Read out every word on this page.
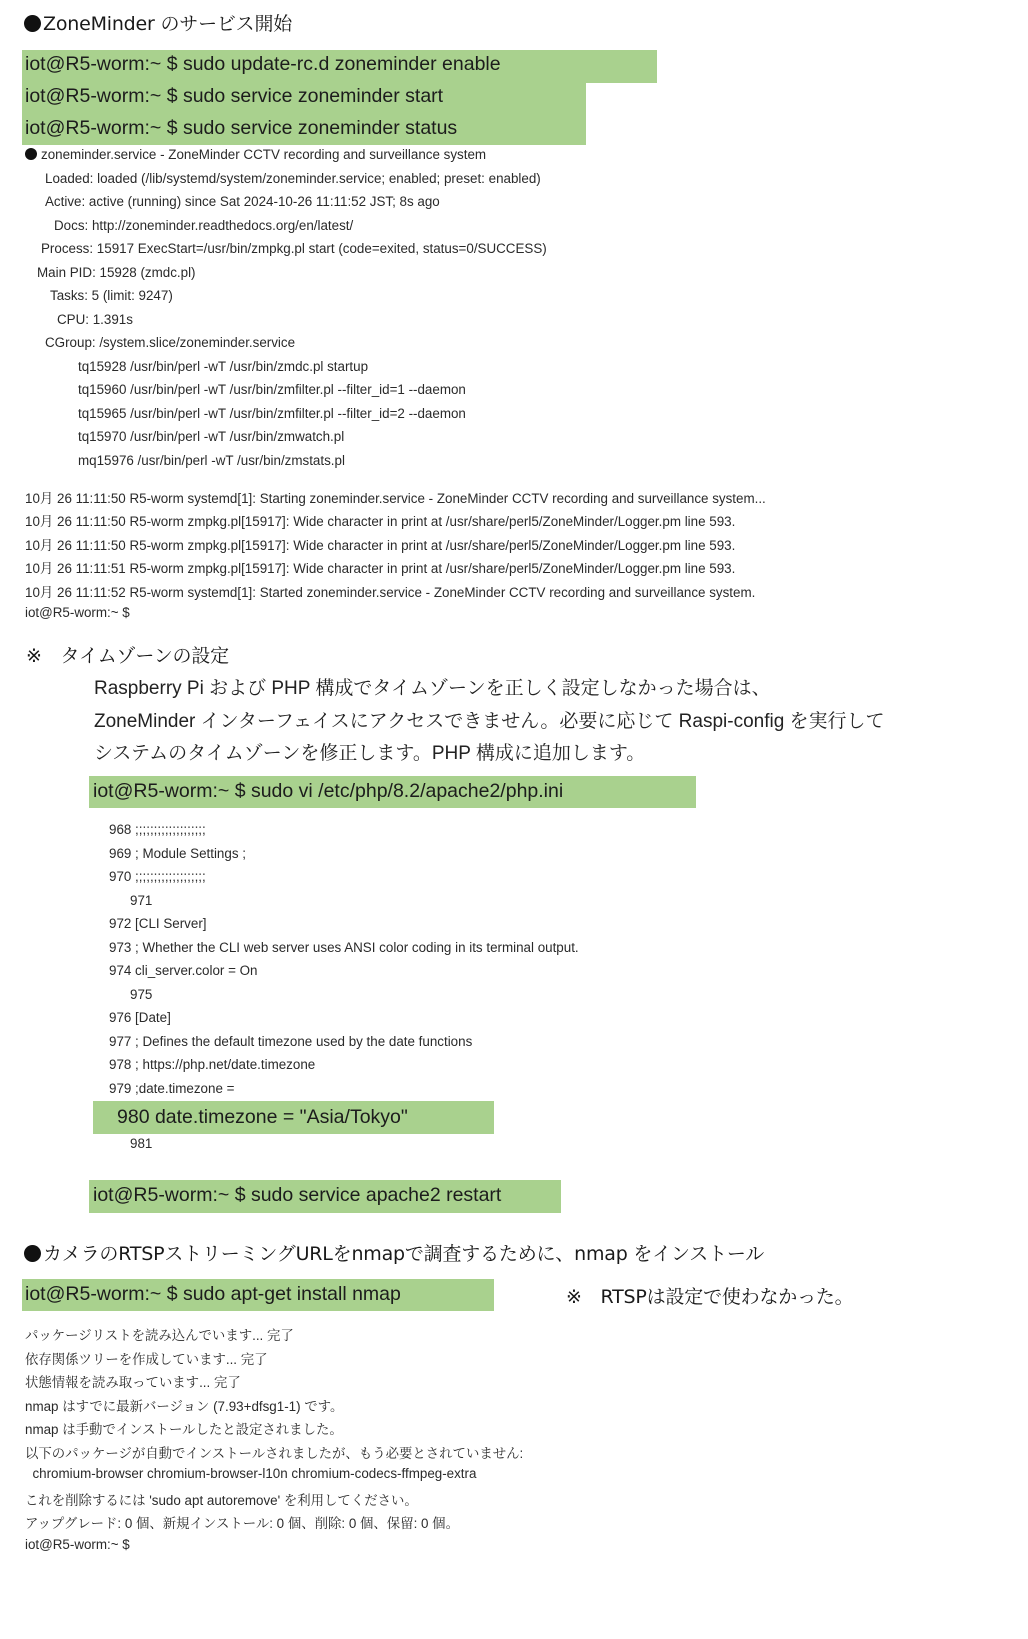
ZoneMinder のサービス開始
iot@R5-worm:~ $ sudo update-rc.d zoneminder enable
iot@R5-worm:~ $ sudo service zoneminder start
iot@R5-worm:~ $ sudo service zoneminder status
zoneminder.service - ZoneMinder CCTV recording and surveillance system
Loaded: loaded (/lib/systemd/system/zoneminder.service; enabled; preset: enabled)
Active: active (running) since Sat 2024-10-26 11:11:52 JST; 8s ago
Docs: http://zoneminder.readthedocs.org/en/latest/
Process: 15917 ExecStart=/usr/bin/zmpkg.pl start (code=exited, status=0/SUCCESS)
Main PID: 15928 (zmdc.pl)
Tasks: 5 (limit: 9247)
CPU: 1.391s
CGroup: /system.slice/zoneminder.service
tq15928 /usr/bin/perl -wT /usr/bin/zmdc.pl startup
tq15960 /usr/bin/perl -wT /usr/bin/zmfilter.pl --filter_id=1 --daemon
tq15965 /usr/bin/perl -wT /usr/bin/zmfilter.pl --filter_id=2 --daemon
tq15970 /usr/bin/perl -wT /usr/bin/zmwatch.pl
mq15976 /usr/bin/perl -wT /usr/bin/zmstats.pl
10月 26 11:11:50 R5-worm systemd[1]: Starting zoneminder.service - ZoneMinder CCTV recording and surveillance system...
10月 26 11:11:50 R5-worm zmpkg.pl[15917]: Wide character in print at /usr/share/perl5/ZoneMinder/Logger.pm line 593.
10月 26 11:11:50 R5-worm zmpkg.pl[15917]: Wide character in print at /usr/share/perl5/ZoneMinder/Logger.pm line 593.
10月 26 11:11:51 R5-worm zmpkg.pl[15917]: Wide character in print at /usr/share/perl5/ZoneMinder/Logger.pm line 593.
10月 26 11:11:52 R5-worm systemd[1]: Started zoneminder.service - ZoneMinder CCTV recording and surveillance system.
iot@R5-worm:~ $
※　タイムゾーンの設定
Raspberry Pi および PHP 構成でタイムゾーンを正しく設定しなかった場合は、
ZoneMinder インターフェイスにアクセスできません。必要に応じて Raspi-config を実行して
システムのタイムゾーンを修正します。PHP 構成に追加します。
iot@R5-worm:~ $ sudo vi /etc/php/8.2/apache2/php.ini
968 ;;;;;;;;;;;;;;;;;;;
969 ; Module Settings ;
970 ;;;;;;;;;;;;;;;;;;;
971
972 [CLI Server]
973 ; Whether the CLI web server uses ANSI color coding in its terminal output.
974 cli_server.color = On
975
976 [Date]
977 ; Defines the default timezone used by the date functions
978 ; https://php.net/date.timezone
979 ;date.timezone =
980 date.timezone = "Asia/Tokyo"
981
iot@R5-worm:~ $ sudo service apache2 restart
カメラのRTSPストリーミングURLをnmapで調査するために、nmap をインストール
iot@R5-worm:~ $ sudo apt-get install nmap	※　RTSPは設定で使わなかった。
パッケージリストを読み込んでいます... 完了
依存関係ツリーを作成しています... 完了
状態情報を読み取っています... 完了
nmap はすでに最新バージョン (7.93+dfsg1-1) です。
nmap は手動でインストールしたと設定されました。
以下のパッケージが自動でインストールされましたが、もう必要とされていません:
chromium-browser chromium-browser-l10n chromium-codecs-ffmpeg-extra
これを削除するには 'sudo apt autoremove' を利用してください。
アップグレード: 0 個、新規インストール: 0 個、削除: 0 個、保留: 0 個。
iot@R5-worm:~ $
